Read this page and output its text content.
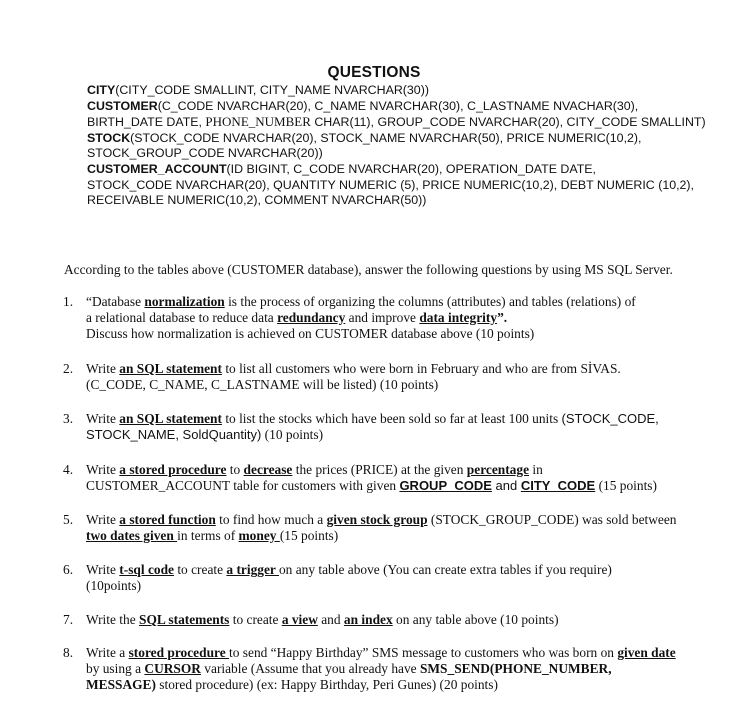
QUESTIONS
CITY(CITY_CODE SMALLINT, CITY_NAME NVARCHAR(30))
CUSTOMER(C_CODE NVARCHAR(20), C_NAME NVARCHAR(30), C_LASTNAME NVACHAR(30),
BIRTH_DATE DATE, PHONE_NUMBER CHAR(11), GROUP_CODE NVARCHAR(20), CITY_CODE SMALLINT)
STOCK(STOCK_CODE NVARCHAR(20), STOCK_NAME NVARCHAR(50), PRICE NUMERIC(10,2),
STOCK_GROUP_CODE NVARCHAR(20))
CUSTOMER_ACCOUNT(ID BIGINT, C_CODE NVARCHAR(20), OPERATION_DATE DATE,
STOCK_CODE NVARCHAR(20), QUANTITY NUMERIC (5), PRICE NUMERIC(10,2), DEBT NUMERIC (10,2),
RECEIVABLE NUMERIC(10,2), COMMENT NVARCHAR(50))
According to the tables above (CUSTOMER database), answer the following questions by using MS SQL Server.
1. “Database normalization is the process of organizing the columns (attributes) and tables (relations) of
a relational database to reduce data redundancy and improve data integrity”.
Discuss how normalization is achieved on CUSTOMER database above (10 points)
2. Write an SQL statement to list all customers who were born in February and who are from SİVAS.
(C_CODE, C_NAME, C_LASTNAME will be listed) (10 points)
3. Write an SQL statement to list the stocks which have been sold so far at least 100 units (STOCK_CODE,
STOCK_NAME, SoldQuantity) (10 points)
4. Write a stored procedure to decrease the prices (PRICE) at the given percentage in
CUSTOMER_ACCOUNT table for customers with given GROUP_CODE and CITY_CODE (15 points)
5. Write a stored function to find how much a given stock group (STOCK_GROUP_CODE) was sold between
two dates given in terms of money (15 points)
6. Write t-sql code to create a trigger on any table above (You can create extra tables if you require)
(10points)
7. Write the SQL statements to create a view and an index on any table above (10 points)
8. Write a stored procedure to send “Happy Birthday” SMS message to customers who was born on given date
by using a CURSOR variable (Assume that you already have SMS_SEND(PHONE_NUMBER,
MESSAGE) stored procedure) (ex: Happy Birthday, Peri Gunes) (20 points)
